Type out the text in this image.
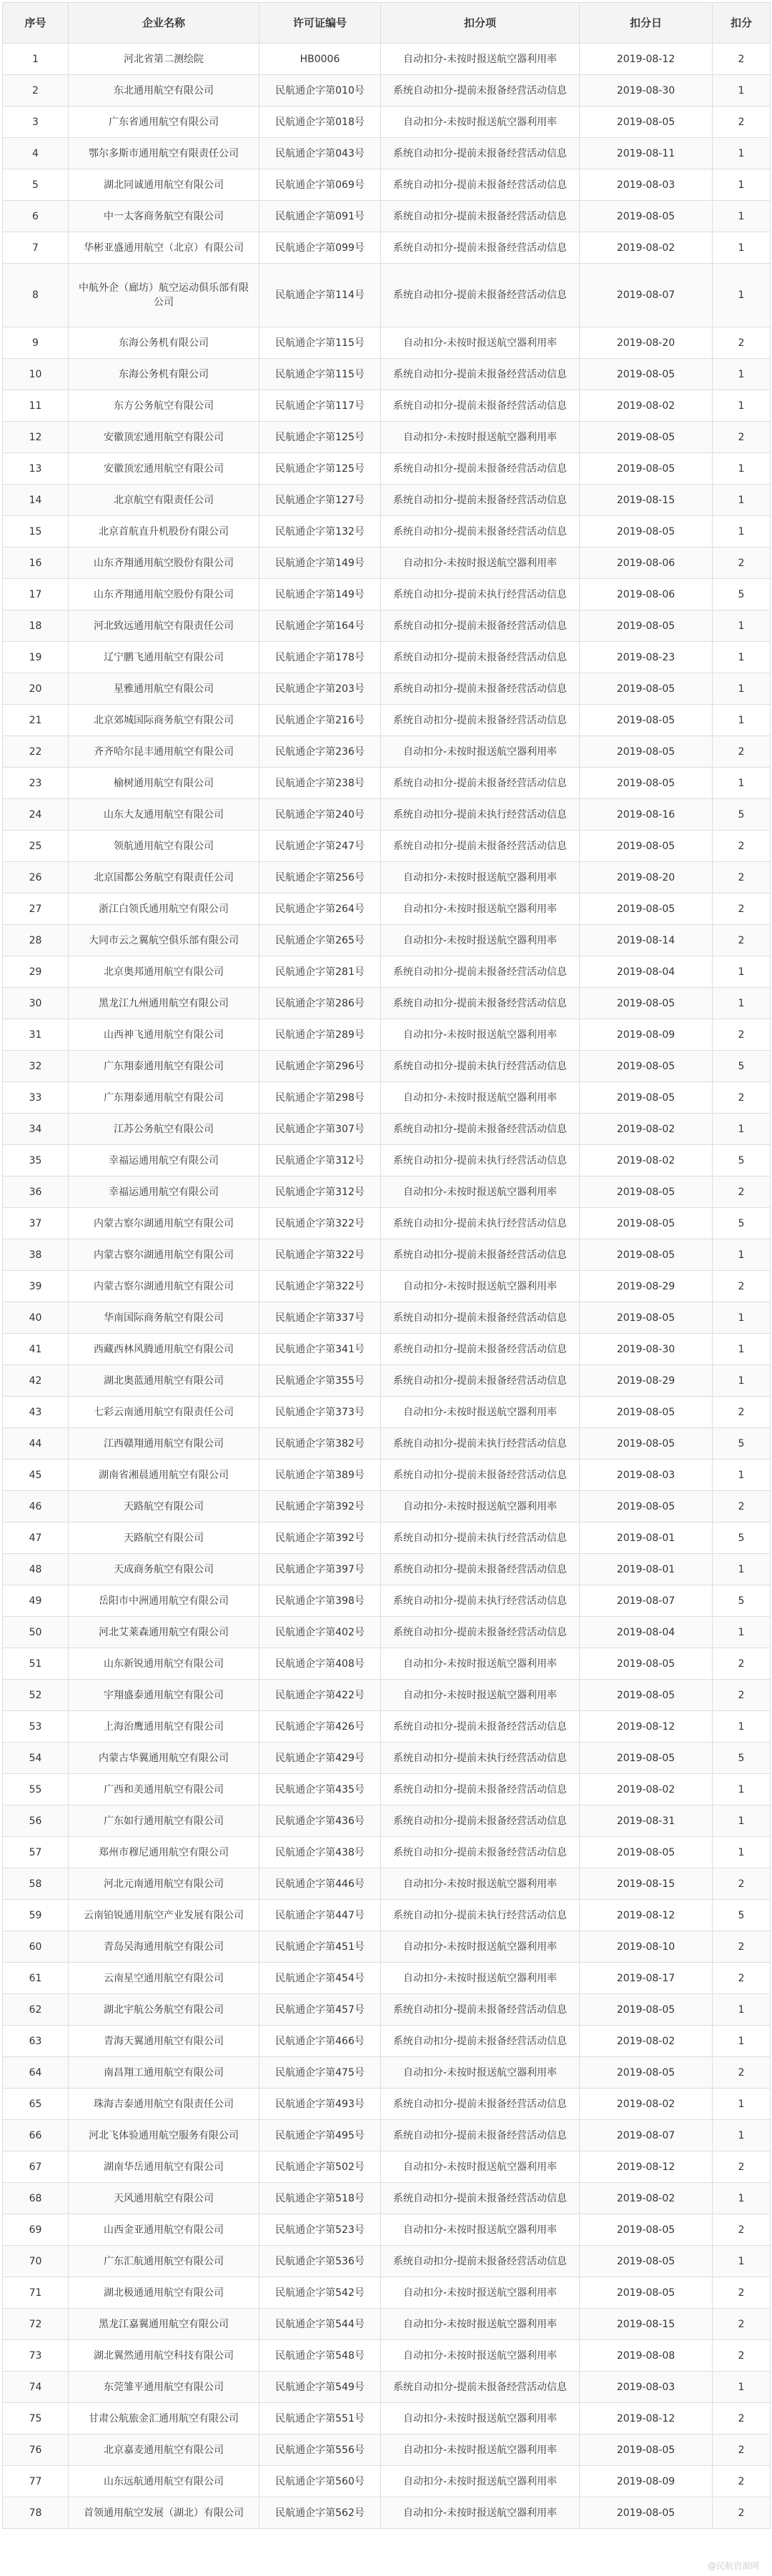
序号	企业名称	许可证编号	扣分项	扣分日	扣分
1	河北省第二测绘院	HB0006	自动扣分-未按时报送航空器利用率	2019-08-12	2
2	东北通用航空有限公司	民航通企字第010号	系统自动扣分-提前未报备经营活动信息	2019-08-30	1
3	广东省通用航空有限公司	民航通企字第018号	自动扣分-未按时报送航空器利用率	2019-08-05	2
4	鄂尔多斯市通用航空有限责任公司	民航通企字第043号	系统自动扣分-提前未报备经营活动信息	2019-08-11	1
5	湖北同诚通用航空有限公司	民航通企字第069号	系统自动扣分-提前未报备经营活动信息	2019-08-03	1
6	中一太客商务航空有限公司	民航通企字第091号	系统自动扣分-提前未报备经营活动信息	2019-08-05	1
7	华彬亚盛通用航空（北京）有限公司	民航通企字第099号	系统自动扣分-提前未报备经营活动信息	2019-08-02	1
8	中航外企（廊坊）航空运动俱乐部有限公司	民航通企字第114号	系统自动扣分-提前未报备经营活动信息	2019-08-07	1
9	东海公务机有限公司	民航通企字第115号	自动扣分-未按时报送航空器利用率	2019-08-20	2
10	东海公务机有限公司	民航通企字第115号	系统自动扣分-提前未报备经营活动信息	2019-08-05	1
11	东方公务航空有限公司	民航通企字第117号	系统自动扣分-提前未报备经营活动信息	2019-08-02	1
12	安徽顶宏通用航空有限公司	民航通企字第125号	自动扣分-未按时报送航空器利用率	2019-08-05	2
13	安徽顶宏通用航空有限公司	民航通企字第125号	系统自动扣分-提前未报备经营活动信息	2019-08-05	1
14	北京航空有限责任公司	民航通企字第127号	系统自动扣分-提前未报备经营活动信息	2019-08-15	1
15	北京首航直升机股份有限公司	民航通企字第132号	系统自动扣分-提前未报备经营活动信息	2019-08-05	1
16	山东齐翔通用航空股份有限公司	民航通企字第149号	自动扣分-未按时报送航空器利用率	2019-08-06	2
17	山东齐翔通用航空股份有限公司	民航通企字第149号	系统自动扣分-提前未执行经营活动信息	2019-08-06	5
18	河北致远通用航空有限责任公司	民航通企字第164号	系统自动扣分-提前未报备经营活动信息	2019-08-05	1
19	辽宁鹏飞通用航空有限公司	民航通企字第178号	系统自动扣分-提前未报备经营活动信息	2019-08-23	1
20	星雅通用航空有限公司	民航通企字第203号	系统自动扣分-提前未报备经营活动信息	2019-08-05	1
21	北京郊城国际商务航空有限公司	民航通企字第216号	系统自动扣分-提前未报备经营活动信息	2019-08-05	1
22	齐齐哈尔昆丰通用航空有限公司	民航通企字第236号	自动扣分-未按时报送航空器利用率	2019-08-05	2
23	榆树通用航空有限公司	民航通企字第238号	系统自动扣分-提前未报备经营活动信息	2019-08-05	1
24	山东大友通用航空有限公司	民航通企字第240号	系统自动扣分-提前未执行经营活动信息	2019-08-16	5
25	领航通用航空有限公司	民航通企字第247号	系统自动扣分-提前未报备经营活动信息	2019-08-05	2
26	北京国都公务航空有限责任公司	民航通企字第256号	自动扣分-未按时报送航空器利用率	2019-08-20	2
27	浙江白领氏通用航空有限公司	民航通企字第264号	自动扣分-未按时报送航空器利用率	2019-08-05	2
28	大同市云之翼航空俱乐部有限公司	民航通企字第265号	自动扣分-未按时报送航空器利用率	2019-08-14	2
29	北京奥邦通用航空有限公司	民航通企字第281号	系统自动扣分-提前未报备经营活动信息	2019-08-04	1
30	黑龙江九州通用航空有限公司	民航通企字第286号	系统自动扣分-提前未报备经营活动信息	2019-08-05	1
31	山西神飞通用航空有限公司	民航通企字第289号	自动扣分-未按时报送航空器利用率	2019-08-09	2
32	广东翔泰通用航空有限公司	民航通企字第296号	系统自动扣分-提前未执行经营活动信息	2019-08-05	5
33	广东翔泰通用航空有限公司	民航通企字第298号	自动扣分-未按时报送航空器利用率	2019-08-05	2
34	江苏公务航空有限公司	民航通企字第307号	系统自动扣分-提前未报备经营活动信息	2019-08-02	1
35	幸福运通用航空有限公司	民航通企字第312号	系统自动扣分-提前未执行经营活动信息	2019-08-02	5
36	幸福运通用航空有限公司	民航通企字第312号	自动扣分-未按时报送航空器利用率	2019-08-05	2
37	内蒙古察尔湖通用航空有限公司	民航通企字第322号	系统自动扣分-提前未执行经营活动信息	2019-08-05	5
38	内蒙古察尔湖通用航空有限公司	民航通企字第322号	系统自动扣分-提前未报备经营活动信息	2019-08-05	1
39	内蒙古察尔湖通用航空有限公司	民航通企字第322号	自动扣分-未按时报送航空器利用率	2019-08-29	2
40	华南国际商务航空有限公司	民航通企字第337号	系统自动扣分-提前未报备经营活动信息	2019-08-05	1
41	西藏西林风腾通用航空有限公司	民航通企字第341号	系统自动扣分-提前未报备经营活动信息	2019-08-30	1
42	湖北奥蓝通用航空有限公司	民航通企字第355号	系统自动扣分-提前未报备经营活动信息	2019-08-29	1
43	七彩云南通用航空有限责任公司	民航通企字第373号	自动扣分-未按时报送航空器利用率	2019-08-05	2
44	江西赣翔通用航空有限公司	民航通企字第382号	系统自动扣分-提前未执行经营活动信息	2019-08-05	5
45	湖南省湘晨通用航空有限公司	民航通企字第389号	系统自动扣分-提前未报备经营活动信息	2019-08-03	1
46	天路航空有限公司	民航通企字第392号	自动扣分-未按时报送航空器利用率	2019-08-05	2
47	天路航空有限公司	民航通企字第392号	系统自动扣分-提前未执行经营活动信息	2019-08-01	5
48	天成商务航空有限公司	民航通企字第397号	系统自动扣分-提前未报备经营活动信息	2019-08-01	1
49	岳阳市中洲通用航空有限公司	民航通企字第398号	系统自动扣分-提前未执行经营活动信息	2019-08-07	5
50	河北艾莱森通用航空有限公司	民航通企字第402号	系统自动扣分-提前未报备经营活动信息	2019-08-04	1
51	山东新锐通用航空有限公司	民航通企字第408号	自动扣分-未按时报送航空器利用率	2019-08-05	2
52	宇翔盛泰通用航空有限公司	民航通企字第422号	自动扣分-未按时报送航空器利用率	2019-08-05	2
53	上海治鹰通用航空有限公司	民航通企字第426号	系统自动扣分-提前未报备经营活动信息	2019-08-12	1
54	内蒙古华翼通用航空有限公司	民航通企字第429号	系统自动扣分-提前未执行经营活动信息	2019-08-05	5
55	广西和美通用航空有限公司	民航通企字第435号	系统自动扣分-提前未报备经营活动信息	2019-08-02	1
56	广东如行通用航空有限公司	民航通企字第436号	系统自动扣分-提前未报备经营活动信息	2019-08-31	1
57	郑州市穆尼通用航空有限公司	民航通企字第438号	系统自动扣分-提前未报备经营活动信息	2019-08-05	1
58	河北元南通用航空有限公司	民航通企字第446号	自动扣分-未按时报送航空器利用率	2019-08-15	2
59	云南铂锐通用航空产业发展有限公司	民航通企字第447号	系统自动扣分-提前未执行经营活动信息	2019-08-12	5
60	青岛吴海通用航空有限公司	民航通企字第451号	自动扣分-未按时报送航空器利用率	2019-08-10	2
61	云南星空通用航空有限公司	民航通企字第454号	自动扣分-未按时报送航空器利用率	2019-08-17	2
62	湖北宇航公务航空有限公司	民航通企字第457号	系统自动扣分-提前未报备经营活动信息	2019-08-05	1
63	青海天翼通用航空有限公司	民航通企字第466号	系统自动扣分-提前未报备经营活动信息	2019-08-02	1
64	南昌翔工通用航空有限公司	民航通企字第475号	自动扣分-未按时报送航空器利用率	2019-08-05	2
65	珠海吉泰通用航空有限责任公司	民航通企字第493号	系统自动扣分-提前未报备经营活动信息	2019-08-02	1
66	河北飞体验通用航空服务有限公司	民航通企字第495号	系统自动扣分-提前未报备经营活动信息	2019-08-07	1
67	湖南华岳通用航空有限公司	民航通企字第502号	自动扣分-未按时报送航空器利用率	2019-08-12	2
68	天风通用航空有限公司	民航通企字第518号	系统自动扣分-提前未报备经营活动信息	2019-08-02	1
69	山西金亚通用航空有限公司	民航通企字第523号	自动扣分-未按时报送航空器利用率	2019-08-05	2
70	广东汇航通用航空有限公司	民航通企字第536号	系统自动扣分-提前未报备经营活动信息	2019-08-05	1
71	湖北极通通用航空有限公司	民航通企字第542号	自动扣分-未按时报送航空器利用率	2019-08-05	2
72	黑龙江嘉翼通用航空有限公司	民航通企字第544号	自动扣分-未按时报送航空器利用率	2019-08-15	2
73	湖北翼然通用航空科技有限公司	民航通企字第548号	自动扣分-未按时报送航空器利用率	2019-08-08	2
74	东莞雏平通用航空有限公司	民航通企字第549号	系统自动扣分-提前未报备经营活动信息	2019-08-03	1
75	甘肃公航旅金汇通用航空有限公司	民航通企字第551号	自动扣分-未按时报送航空器利用率	2019-08-12	2
76	北京嘉麦通用航空有限公司	民航通企字第556号	自动扣分-未按时报送航空器利用率	2019-08-05	2
77	山东远航通用航空有限公司	民航通企字第560号	自动扣分-未按时报送航空器利用率	2019-08-09	2
78	首领通用航空发展（湖北）有限公司	民航通企字第562号	自动扣分-未按时报送航空器利用率	2019-08-05	2
@民航资源网
